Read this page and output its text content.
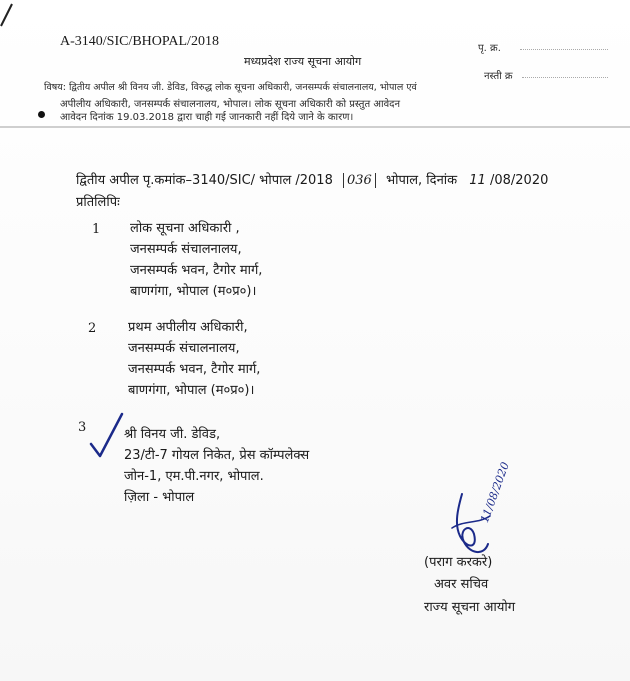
A-3140/SIC/BHOPAL/2018
मध्यप्रदेश राज्य सूचना आयोग
पृ. क्र.
नस्ती क्र
विषय: द्वितीय अपील श्री विनय जी. डेविड, विरुद्ध लोक सूचना अधिकारी, जनसम्पर्क संचालनालय, भोपाल एवं
अपीलीय अधिकारी, जनसम्पर्क संचालनालय, भोपाल। लोक सूचना अधिकारी को प्रस्तुत आवेदन
आवेदन दिनांक 19.03.2018 द्वारा चाही गई जानकारी नहीं दिये जाने के कारण।
द्वितीय अपील पृ.कमांक–3140/SIC/ भोपाल /2018 036 भोपाल, दिनांक 11 /08/2020
प्रतिलिपिः
1 लोक सूचना अधिकारी ,
जनसम्पर्क संचालनालय,
जनसम्पर्क भवन, टैगोर मार्ग,
बाणगंगा, भोपाल (म०प्र०)।
2 प्रथम अपीलीय अधिकारी,
जनसम्पर्क संचालनालय,
जनसम्पर्क भवन, टैगोर मार्ग,
बाणगंगा, भोपाल (म०प्र०)।
3	श्री विनय जी. डेविड,
23/टी-7 गोयल निकेत, प्रेस कॉम्पलेक्स
जोन-1, एम.पी.नगर, भोपाल.
ज़िला - भोपाल	11/08/2020
(पराग करकरे)
अवर सचिव
राज्य सूचना आयोग
